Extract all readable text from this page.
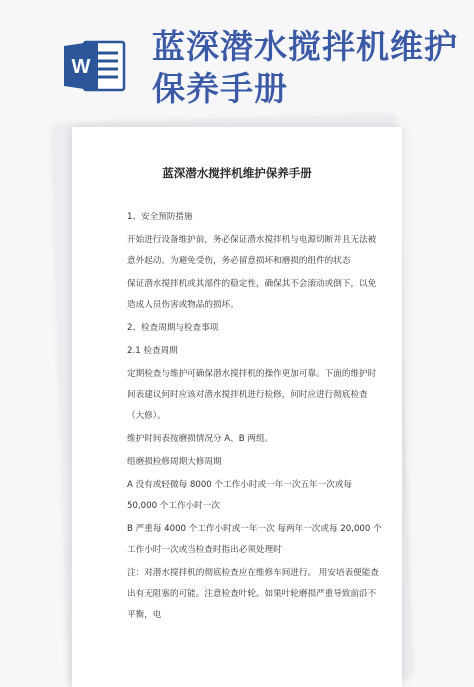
W
蓝深潜水搅拌机维护保养手册
蓝深潜水搅拌机维护保养手册

1、安全预防措施

开始进行设备维护前，务必保证潜水搅拌机与电源切断并且无法被意外起动。为避免受伤，务必留意损坏和磨损的组件的状态

保证潜水搅拌机或其部件的稳定性，确保其不会滚动或倒下，以免造成人员伤害或物品的损坏。

2、检查周期与检查事项

2.1 检查周期

定期检查与维护可确保潜水搅拌机的操作更加可靠。下面的维护时间表建议何时应该对潜水搅拌机进行检修，何时应进行彻底检查（大修）。

维护时间表按磨损情况分 A、B 两组。

组磨损检修周期大修周期

A 没有或轻微每 8000 个工作小时或一年一次五年一次或每 50,000 个工作小时一次

B 严重每 4000 个工作小时或一年一次 每两年一次或每 20,000 个工作小时一次或当检查时指出必须处理时

注：对潜水搅拌机的彻底检查应在维修车间进行。 用安培表便能查出有无阻塞的可能。注意检查叶轮。如果叶轮磨损严重导致前沿不平衡，电
